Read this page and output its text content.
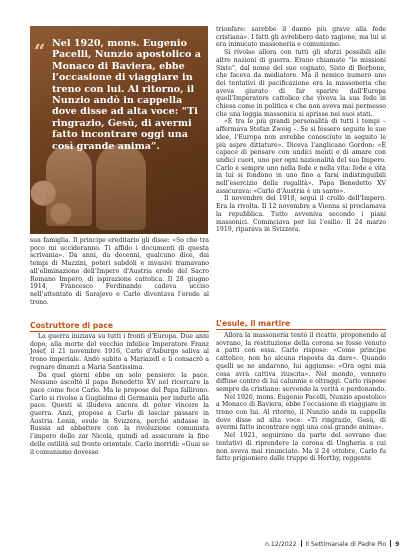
“ Nel 1920, mons. Eugenio Pacelli, Nunzio apostolico a Monaco di Baviera, ebbe l’occasione di viaggiare in treno con lui. Al ritorno, il Nunzio andò in cappella dove disse ad alta voce: “Ti ringrazio, Gesù, di avermi fatto incontrare oggi una così grande anima”.

sua famiglia. Il principe ereditario gli disse: «So che tra poco mi uccideranno. Ti affido i documenti di questa scrivania». Da anni, da decenni, qualcuno dice, dai tempi di Mazzini, poteri subdoli e invasivi tramavano all’eliminazione dell’Impero d’Austria erede del Sacro Romano Impero, di ispirazione cattolica. Il 28 giugno 1914, Francesco Ferdinando cadeva ucciso nell’attentato di Sarajevo e Carlo diventava l’erede al trono.

Costruttore di pace

La guerra iniziava su tutti i fronti d’Europa. Due anni dopo, alla morte del vecchio infelice Imperatore Franz Josef, il 21 novembre 1916, Carlo d’Asburgo saliva al trono imperiale. Andò subito a Mariazell e li consacrò a regnare dinanzi a Maria Santissima.

Da quel giorni ebbe un solo pensiero: la pace. Nessuno ascoltò il papa Benedetto XV nel ricercare la pace come fece Carlo. Ma le propose del Papa fallirono. Carlo si rivolse a Guglielmo di Germania per indurlo alla pace. Questi si illudeva ancora di poter vincere la guerra. Anzi, propose a Carlo di lasciar passare in Austria Lenin, esule in Svizzera, perché andasse in Russia ad abbattere con la rivoluzione comunista l’impero dello zar Nicola, quindi ad assicurare la fine delle ostilità sul fronte orientale. Carlo inorridì: «Guai se il comunismo dovesse

trionfare: sarebbe il danno più grave alla fede cristiana». I fatti gli avrebbero dato ragione, ma lui si era inimicato massoneria e comunismo.

Si rivolse allora con tutti gli sforzi possibili alle altre nazioni di guerra. Erano chiamate “le missioni Sixte”, dal nome del suo cognato, Sisto di Borbone, che faceva da mediatore. Ma il nemico numero uno dei tentativi di pacificazione era la massoneria che aveva giurato di far sparire dall’Europa quell’Imperatore cattolico che viveva la sua fede in chiesa come in politica e che non aveva mai permesso che una loggia massonica si aprisse nei suoi stati.

«È tra le più grandi personalità di tutti i tempi – affermava Stefan Zweig –. Se si fossero seguite le sue idee, l’Europa non avrebbe conosciuto in seguito le più aspre dittature». Diceva l’anglicano Gordon: «È capace di pensare con undici menti e di amare con undici cuori, uno per ogni nazionalità del suo Impero. Carlo è sempre uno nella fede e nella vita: fede e vita in lui si fondono in uno fino a farsi indistinguibili nell’esercizio della regalità». Papa Benedetto XV assicurava: «Carlo d’Austria è un santo».

Il novembre del 1918, seguì il crollo dell’Impero. Era la rivolta. Il 12 novembre a Vienna si proclamava la repubblica. Tutto avveniva secondo i piani massonici. Cominciava per lui l’esilio. Il 24 marzo 1919, riparava in Svizzera.

L’esule, il martire

Allora la massoneria tentò il ricatto, proponendo al sovrano, la restituzione della corona se fosse venuto a patti con essa. Carlo rispose: «Come principe cattolico, non ho alcuna risposta da dare». Quando quelli se ne andarono, lui aggiunse: «Ora ogni mia cosa avrà cattiva riuscita». Nel mondo, vennero diffuse contro di lui calunnie e oltraggi. Carlo rispose sempre da cristiano: servendo la verità e perdonando.

Nel 1920, mons. Eugenio Pacelli, Nunzio apostolico a Monaco di Baviera, ebbe l’occasione di viaggiare in treno con lui. Al ritorno, il Nunzio andò in cappella dove disse ad alta voce: «Ti ringrazio, Gesù, di avermi fatto incontrare oggi una così grande anima».

Nel 1921, seguirono da parte del sovrano due tentativi di riprendere la corona di Ungheria a cui non aveva mai rinunciato. Ma il 24 ottobre, Carlo fu fatto prigioniero dalle truppe di Horthy, reggente

n.12/2022 Il Settimanale di Padre Pio 9
